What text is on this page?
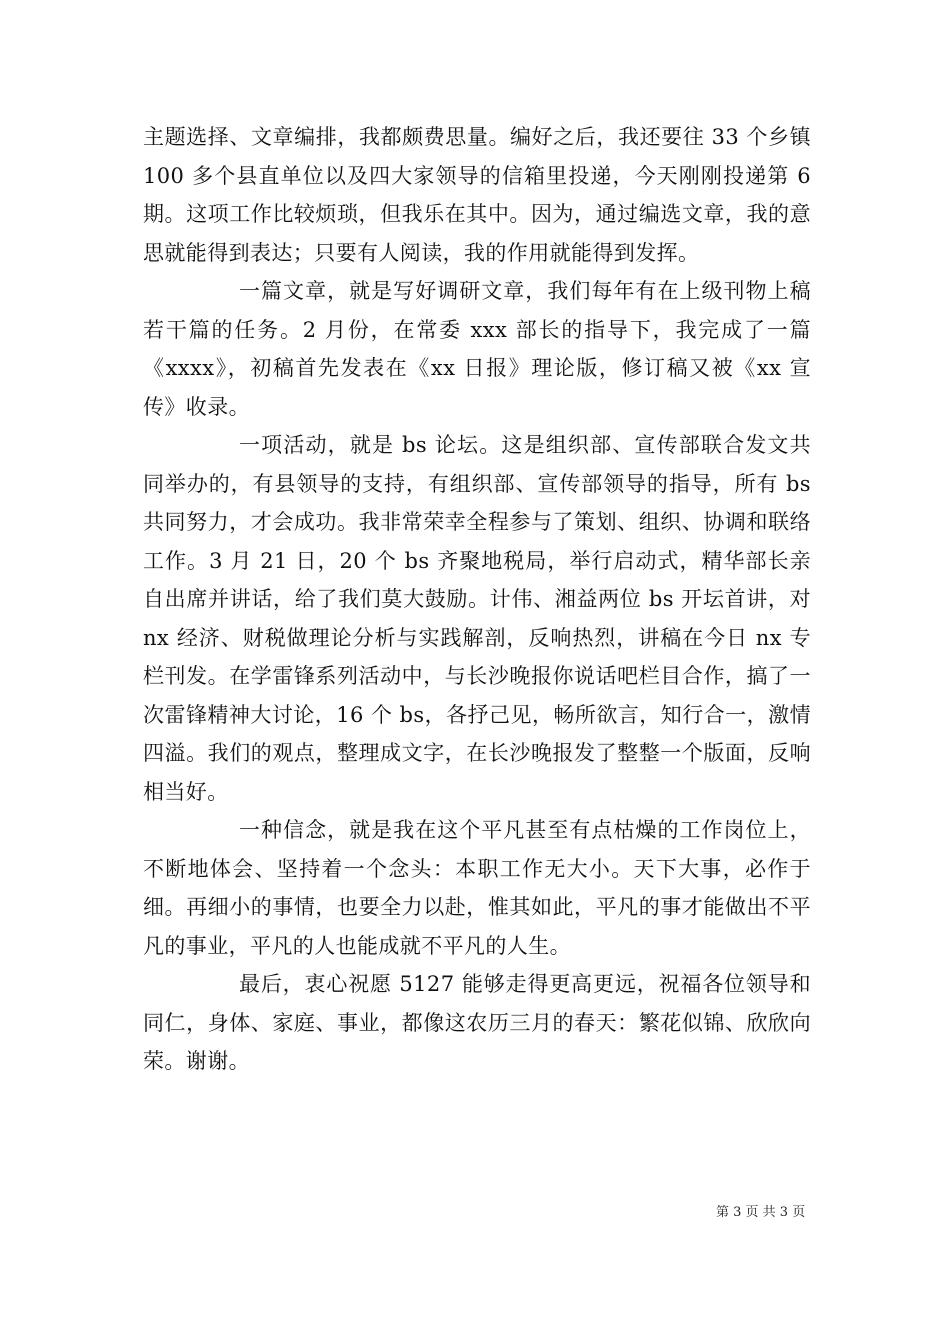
主题选择、文章编排，我都颇费思量。编好之后，我还要往 33 个乡镇 100 多个县直单位以及四大家领导的信箱里投递，今天刚刚投递第 6 期。这项工作比较烦琐，但我乐在其中。因为，通过编选文章，我的意思就能得到表达；只要有人阅读，我的作用就能得到发挥。

一篇文章，就是写好调研文章，我们每年有在上级刊物上稿若干篇的任务。2 月份，在常委 xxx 部长的指导下，我完成了一篇《xxxx》，初稿首先发表在《xx 日报》理论版，修订稿又被《xx 宣传》收录。

一项活动，就是 bs 论坛。这是组织部、宣传部联合发文共同举办的，有县领导的支持，有组织部、宣传部领导的指导，所有 bs 共同努力，才会成功。我非常荣幸全程参与了策划、组织、协调和联络工作。3 月 21 日，20 个 bs 齐聚地税局，举行启动式，精华部长亲自出席并讲话，给了我们莫大鼓励。计伟、湘益两位 bs 开坛首讲，对 nx 经济、财税做理论分析与实践解剖，反响热烈，讲稿在今日 nx 专栏刊发。在学雷锋系列活动中，与长沙晚报你说话吧栏目合作，搞了一次雷锋精神大讨论，16 个 bs，各抒己见，畅所欲言，知行合一，激情四溢。我们的观点，整理成文字，在长沙晚报发了整整一个版面，反响相当好。

一种信念，就是我在这个平凡甚至有点枯燥的工作岗位上，不断地体会、坚持着一个念头：本职工作无大小。天下大事，必作于细。再细小的事情，也要全力以赴，惟其如此，平凡的事才能做出不平凡的事业，平凡的人也能成就不平凡的人生。

最后，衷心祝愿 5127 能够走得更高更远，祝福各位领导和同仁，身体、家庭、事业，都像这农历三月的春天：繁花似锦、欣欣向荣。谢谢。

第 3 页 共 3 页
